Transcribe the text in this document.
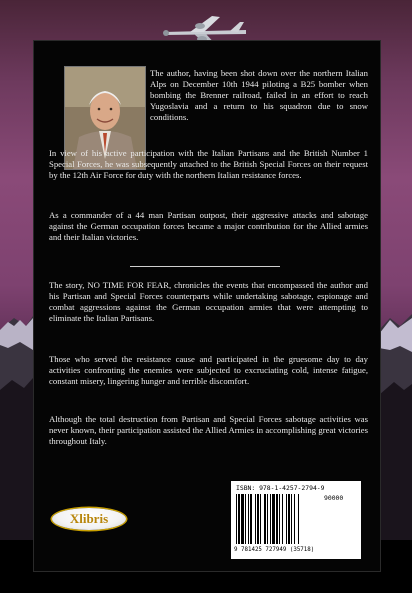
The author, having been shot down over the northern Italian Alps on December 10th 1944 piloting a B25 bomber when bombing the Brenner railroad, failed in an effort to reach Yugoslavia and a return to his squadron due to snow conditions.

In view of his active participation with the Italian Partisans and the British Number 1 Special Forces, he was subsequently attached to the British Special Forces on their request by the 12th Air Force for duty with the northern Italian resistance forces.

As a commander of a 44 man Partisan outpost, their aggressive attacks and sabotage against the German occupation forces became a major contribution for the Allied armies and their Italian victories.

The story, NO TIME FOR FEAR, chronicles the events that encompassed the author and his Partisan and Special Forces counterparts while undertaking sabotage, espionage and combat aggressions against the German occupation armies that were attempting to eliminate the Italian Partisans.

Those who served the resistance cause and participated in the gruesome day to day activities confronting the enemies were subjected to excruciating cold, intense fatigue, constant misery, lingering hunger and terrible discomfort.

Although the total destruction from Partisan and Special Forces sabotage activities was never known, their participation assisted the Allied Armies in accomplishing great victories throughout Italy.

Xlibris
ISBN: 978-1-4257-2794-9
90000
9 781425 727949 (35718)
